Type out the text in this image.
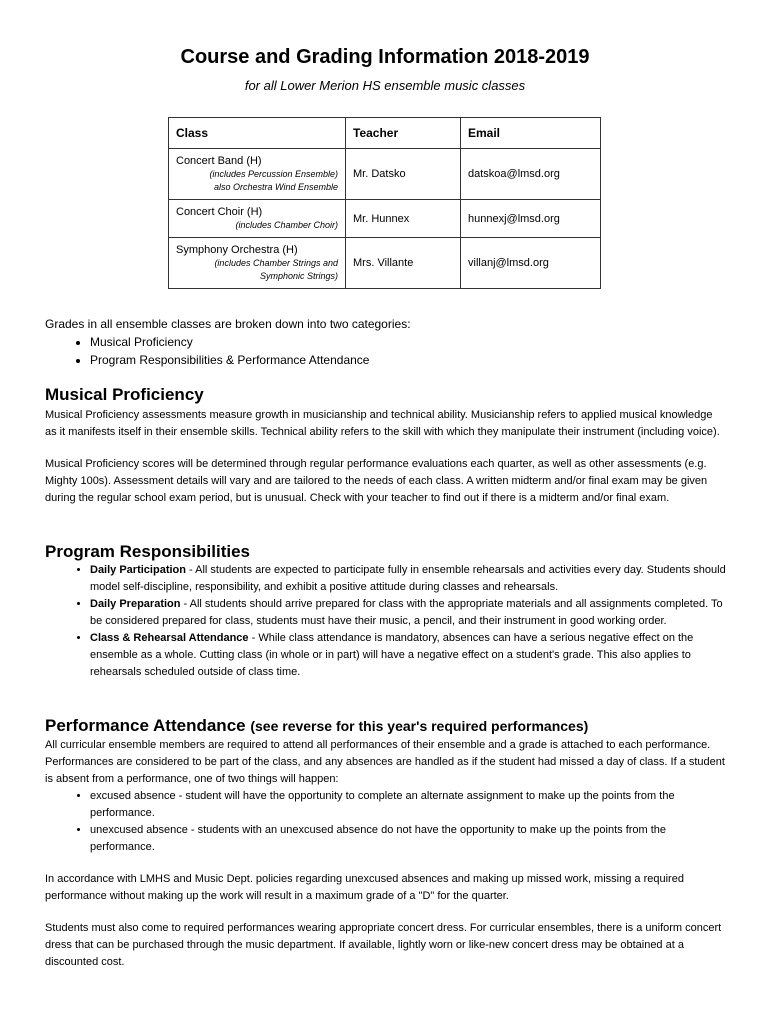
Course and Grading Information 2018-2019
for all Lower Merion HS ensemble music classes
Class	Teacher	Email

Concert Band (H)
(includes Percussion Ensemble)
also Orchestra Wind Ensemble	Mr. Datsko	datskoa@lmsd.org

Concert Choir (H)
(includes Chamber Choir)	Mr. Hunnex	hunnexj@lmsd.org

Symphony Orchestra (H)
(includes Chamber Strings and
Symphonic Strings)	Mrs. Villante	villanj@lmsd.org

Grades in all ensemble classes are broken down into two categories:

• Musical Proficiency
• Program Responsibilities & Performance Attendance
Musical Proficiency

Musical Proficiency assessments measure growth in musicianship and technical ability. Musicianship refers to applied musical knowledge as it manifests itself in their ensemble skills. Technical ability refers to the skill with which they manipulate their instrument (including voice).

Musical Proficiency scores will be determined through regular performance evaluations each quarter, as well as other assessments (e.g. Mighty 100s). Assessment details will vary and are tailored to the needs of each class. A written midterm and/or final exam may be given during the regular school exam period, but is unusual. Check with your teacher to find out if there is a midterm and/or final exam.

Program Responsibilities
• Daily Participation - All students are expected to participate fully in ensemble rehearsals and activities every day. Students should model self-discipline, responsibility, and exhibit a positive attitude during classes and rehearsals.
• Daily Preparation - All students should arrive prepared for class with the appropriate materials and all assignments completed. To be considered prepared for class, students must have their music, a pencil, and their instrument in good working order.
• Class & Rehearsal Attendance - While class attendance is mandatory, absences can have a serious negative effect on the ensemble as a whole. Cutting class (in whole or in part) will have a negative effect on a student's grade. This also applies to rehearsals scheduled outside of class time.
Performance Attendance (see reverse for this year's required performances)

All curricular ensemble members are required to attend all performances of their ensemble and a grade is attached to each performance. Performances are considered to be part of the class, and any absences are handled as if the student had missed a day of class. If a student is absent from a performance, one of two things will happen:

• excused absence - student will have the opportunity to complete an alternate assignment to make up the points from the performance.
• unexcused absence - students with an unexcused absence do not have the opportunity to make up the points from the performance.

In accordance with LMHS and Music Dept. policies regarding unexcused absences and making up missed work, missing a required performance without making up the work will result in a maximum grade of a "D" for the quarter.

Students must also come to required performances wearing appropriate concert dress. For curricular ensembles, there is a uniform concert dress that can be purchased through the music department. If available, lightly worn or like-new concert dress may be obtained at a discounted cost.
